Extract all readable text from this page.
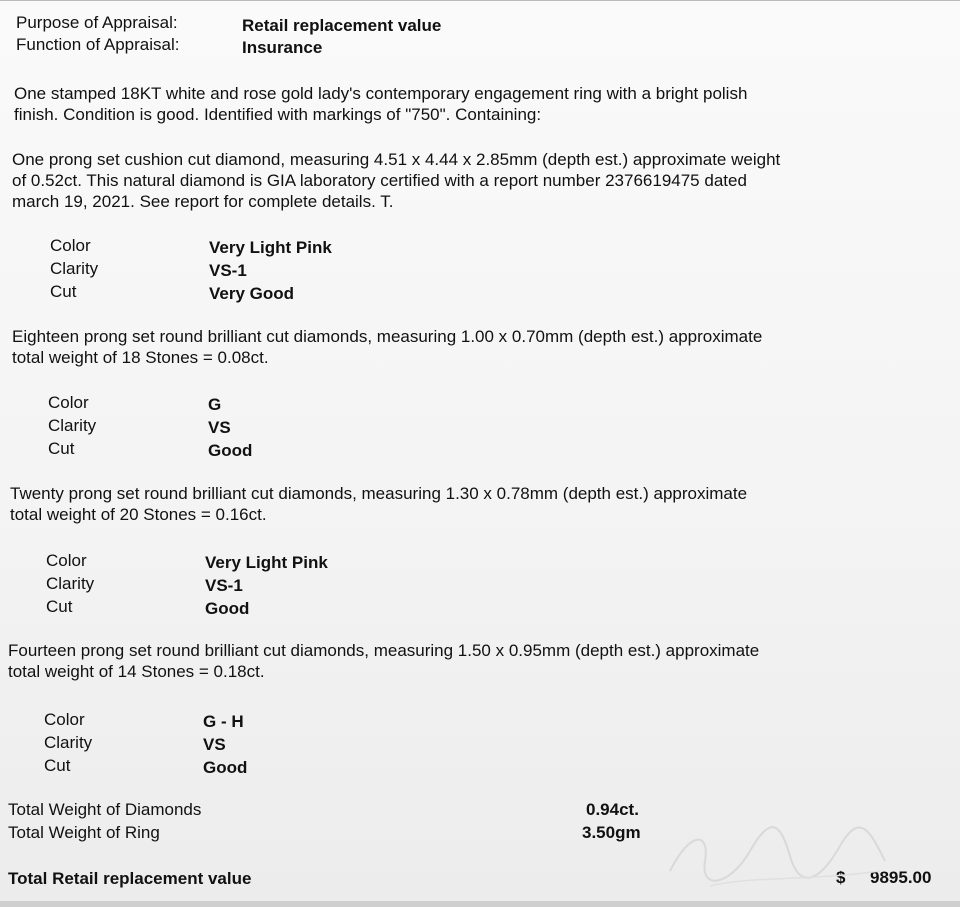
Purpose of Appraisal:	Retail replacement value
Function of Appraisal:	Insurance
One stamped 18KT white and rose gold lady's contemporary engagement ring with a bright polish
finish. Condition is good. Identified with markings of "750". Containing:
One prong set cushion cut diamond, measuring 4.51 x 4.44 x 2.85mm (depth est.) approximate weight
of 0.52ct. This natural diamond is GIA laboratory certified with a report number 2376619475 dated
march 19, 2021. See report for complete details. T.
Color	Very Light Pink
Clarity	VS-1
Cut	Very Good
Eighteen prong set round brilliant cut diamonds, measuring 1.00 x 0.70mm (depth est.) approximate
total weight of 18 Stones = 0.08ct.
Color	G
Clarity	VS
Cut	Good
Twenty prong set round brilliant cut diamonds, measuring 1.30 x 0.78mm (depth est.) approximate
total weight of 20 Stones = 0.16ct.
Color	Very Light Pink
Clarity	VS-1
Cut	Good
Fourteen prong set round brilliant cut diamonds, measuring 1.50 x 0.95mm (depth est.) approximate
total weight of 14 Stones = 0.18ct.
Color	G - H
Clarity	VS
Cut	Good
Total Weight of Diamonds	0.94ct.
Total Weight of Ring	3.50gm
Total Retail replacement value	$ 9895.00
